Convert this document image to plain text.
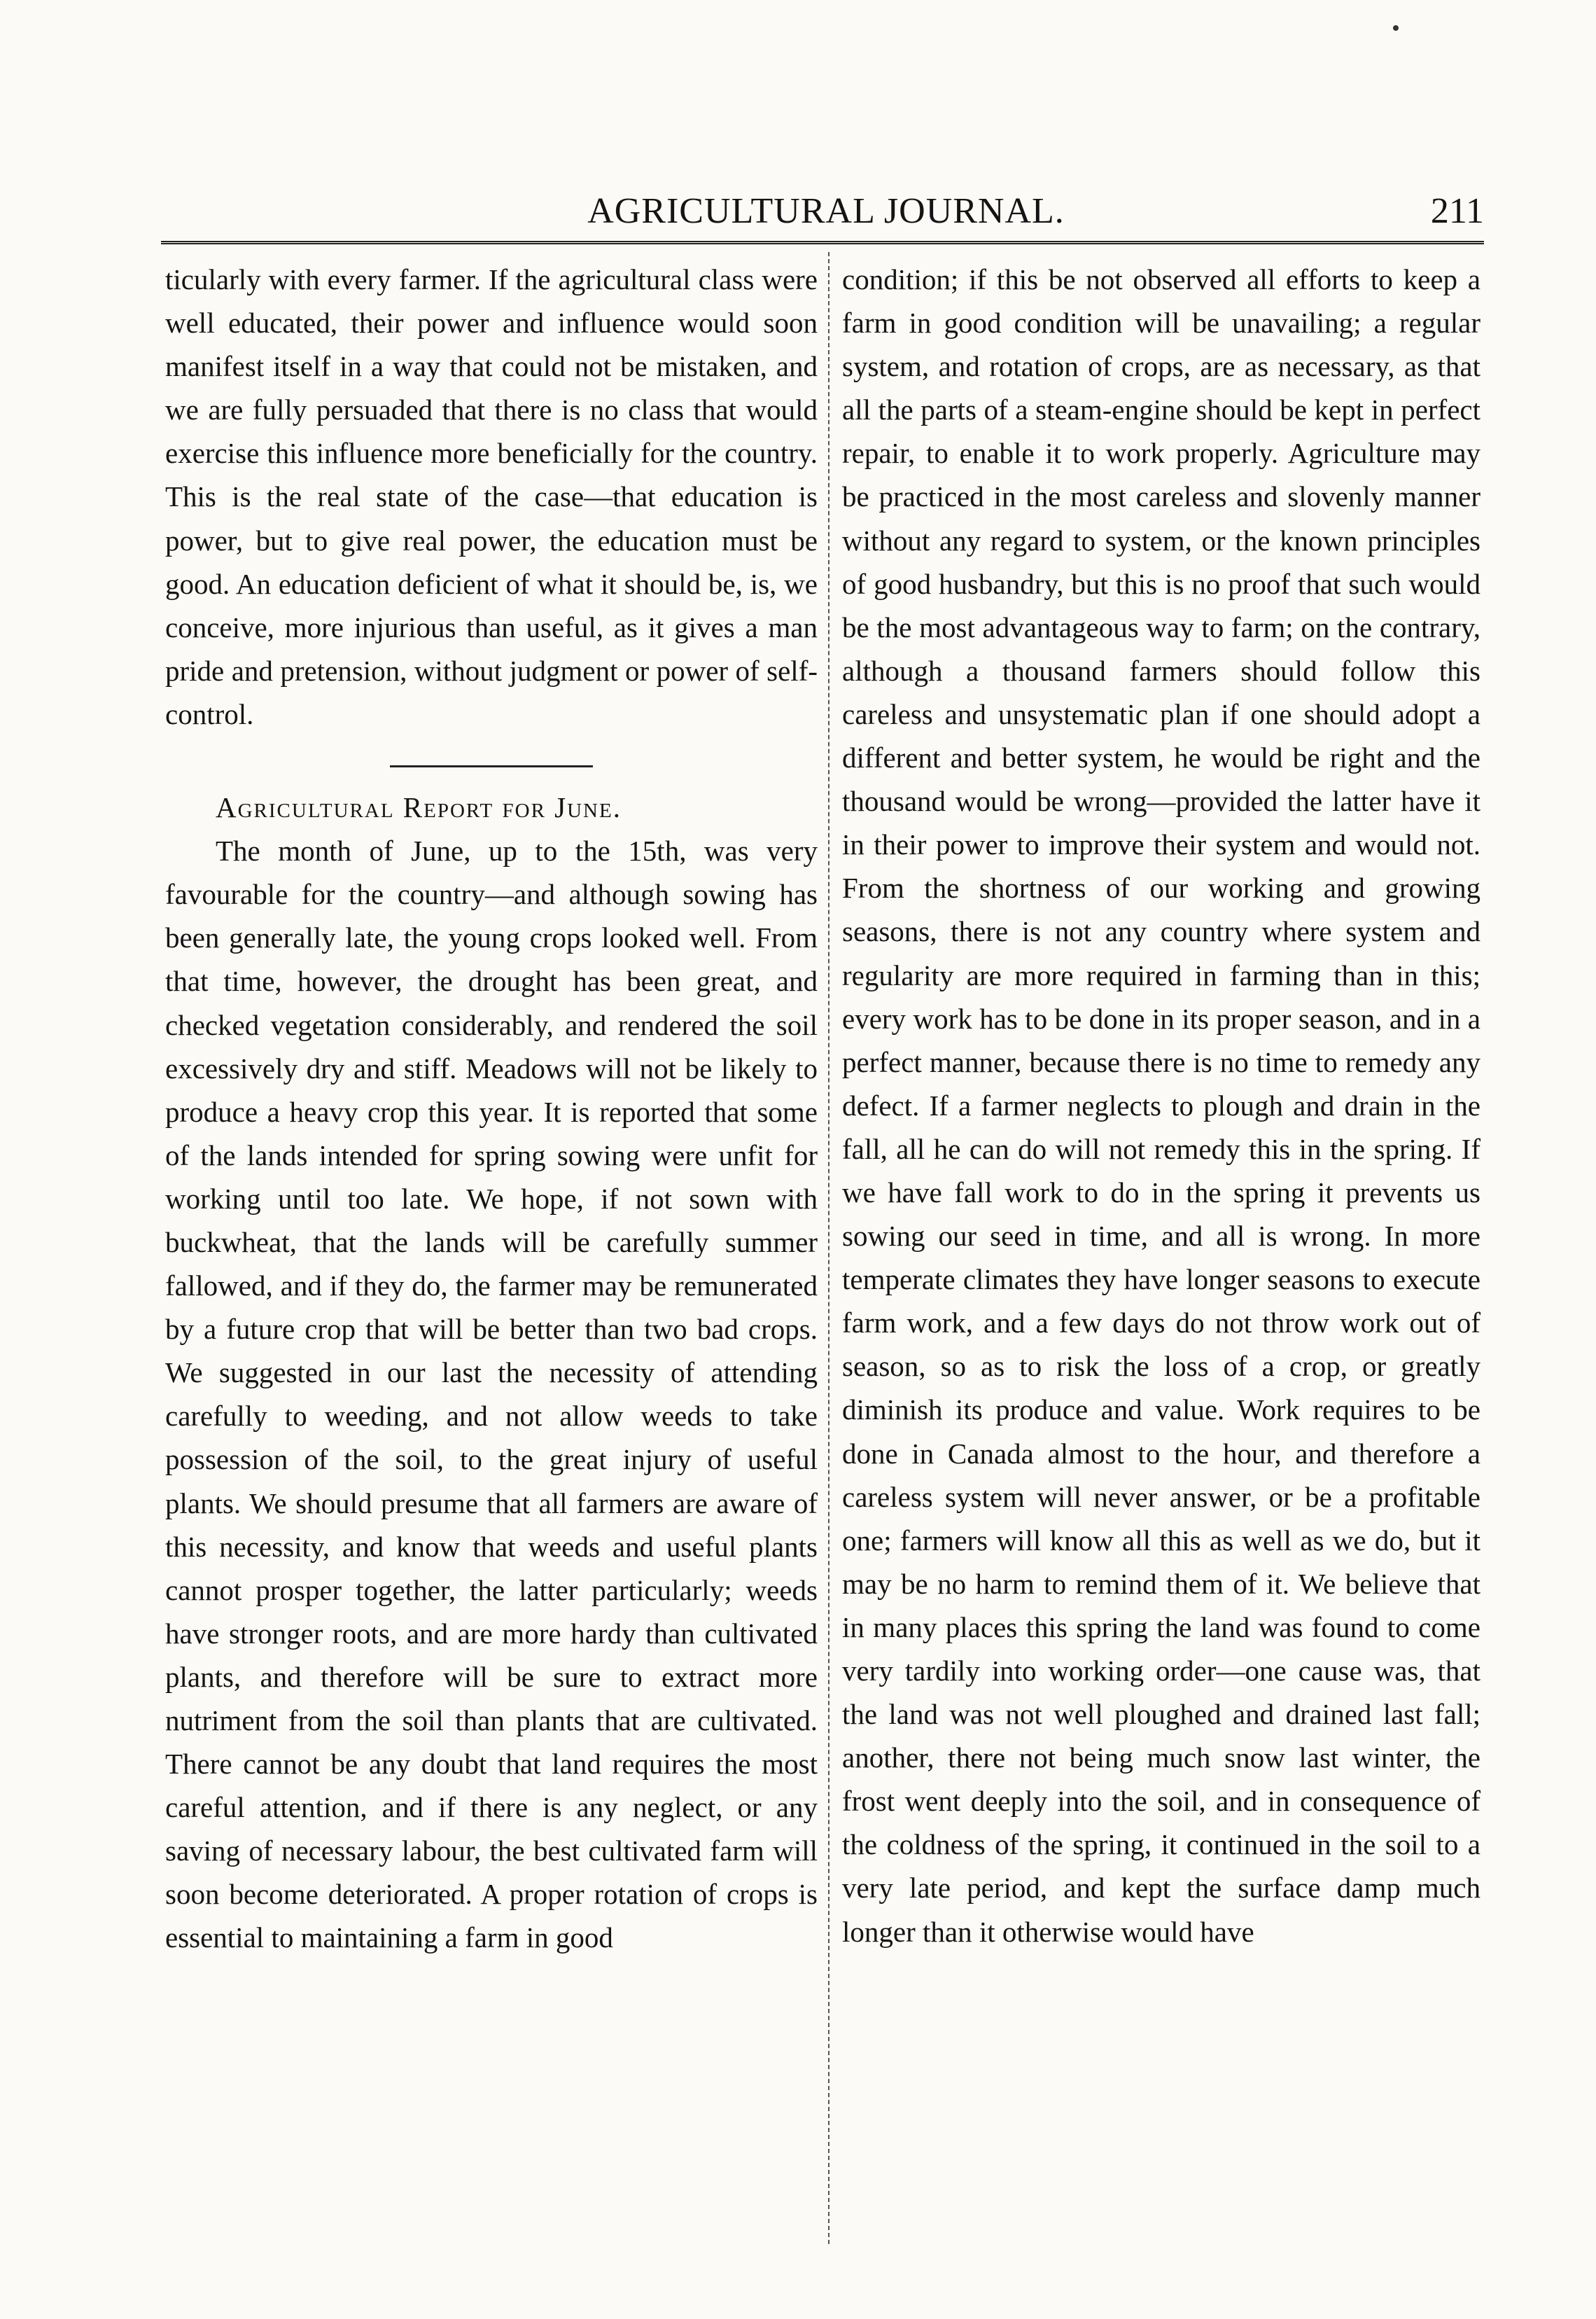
AGRICULTURAL JOURNAL.	211

ticularly with every farmer. If the agricultural class were well educated, their power and influence would soon manifest itself in a way that could not be mistaken, and we are fully persuaded that there is no class that would exercise this influence more beneficially for the country. This is the real state of the case—that education is power, but to give real power, the education must be good. An education deficient of what it should be, is, we conceive, more injurious than useful, as it gives a man pride and pretension, without judgment or power of self-control.

Agricultural Report for June.

The month of June, up to the 15th, was very favourable for the country—and although sowing has been generally late, the young crops looked well. From that time, however, the drought has been great, and checked vegetation considerably, and rendered the soil excessively dry and stiff. Meadows will not be likely to produce a heavy crop this year. It is reported that some of the lands intended for spring sowing were unfit for working until too late. We hope, if not sown with buckwheat, that the lands will be carefully summer fallowed, and if they do, the farmer may be remunerated by a future crop that will be better than two bad crops. We suggested in our last the necessity of attending carefully to weeding, and not allow weeds to take possession of the soil, to the great injury of useful plants. We should presume that all farmers are aware of this necessity, and know that weeds and useful plants cannot prosper together, the latter particularly; weeds have stronger roots, and are more hardy than cultivated plants, and therefore will be sure to extract more nutriment from the soil than plants that are cultivated. There cannot be any doubt that land requires the most careful attention, and if there is any neglect, or any saving of necessary labour, the best cultivated farm will soon become deteriorated. A proper rotation of crops is essential to maintaining a farm in good

condition; if this be not observed all efforts to keep a farm in good condition will be unavailing; a regular system, and rotation of crops, are as necessary, as that all the parts of a steam-engine should be kept in perfect repair, to enable it to work properly. Agriculture may be practiced in the most careless and slovenly manner without any regard to system, or the known principles of good husbandry, but this is no proof that such would be the most advantageous way to farm; on the contrary, although a thousand farmers should follow this careless and unsystematic plan if one should adopt a different and better system, he would be right and the thousand would be wrong—provided the latter have it in their power to improve their system and would not. From the shortness of our working and growing seasons, there is not any country where system and regularity are more required in farming than in this; every work has to be done in its proper season, and in a perfect manner, because there is no time to remedy any defect. If a farmer neglects to plough and drain in the fall, all he can do will not remedy this in the spring. If we have fall work to do in the spring it prevents us sowing our seed in time, and all is wrong. In more temperate climates they have longer seasons to execute farm work, and a few days do not throw work out of season, so as to risk the loss of a crop, or greatly diminish its produce and value. Work requires to be done in Canada almost to the hour, and therefore a careless system will never answer, or be a profitable one; farmers will know all this as well as we do, but it may be no harm to remind them of it. We believe that in many places this spring the land was found to come very tardily into working order—one cause was, that the land was not well ploughed and drained last fall; another, there not being much snow last winter, the frost went deeply into the soil, and in consequence of the coldness of the spring, it continued in the soil to a very late period, and kept the surface damp much longer than it otherwise would have
